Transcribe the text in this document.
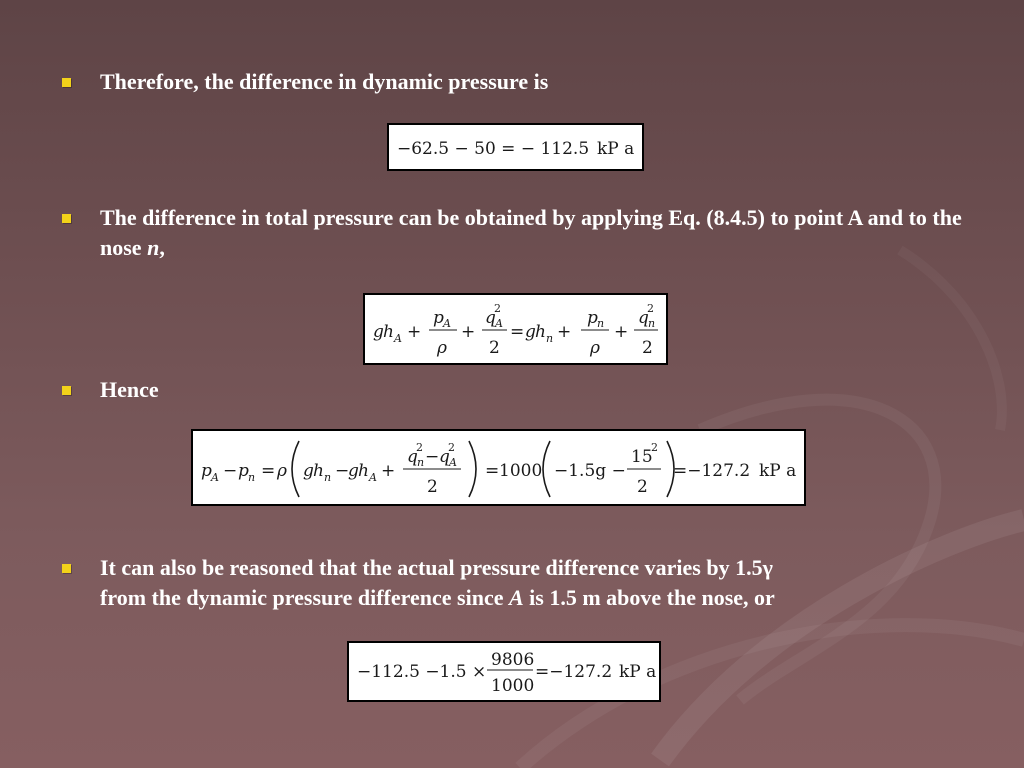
Therefore, the difference in dynamic pressure is
−62.5 − 50 = − 112.5 kP a
The difference in total pressure can be obtained by applying Eq. (8.4.5) to point A and to the nose n,
g h A +
p A
ρ
+
q
2
A
2
= g h n +
p n
ρ
+
q
2
n
2
Hence
p A − p n = ρ g h n −
g h A +
q
2
n − q
2
A
2
= 1000 −1.5g −
15
2
2
=−127.2 kP a
It can also be reasoned that the actual pressure difference varies by 1.5γ
from the dynamic pressure difference since A is 1.5 m above the nose, or
−112.5 −1.5 ×
9806
1000
=−127.2 kP a
